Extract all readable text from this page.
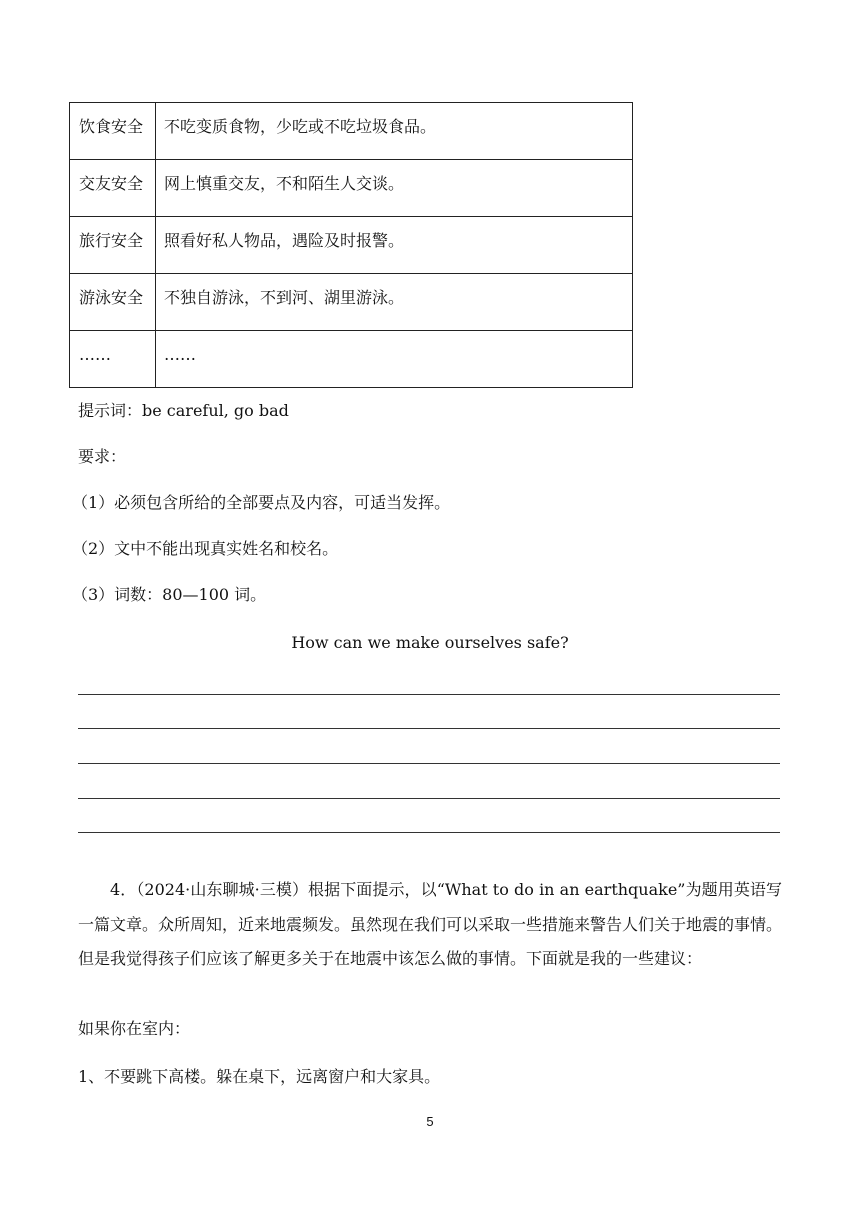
饮食安全	不吃变质食物，少吃或不吃垃圾食品。
交友安全	网上慎重交友，不和陌生人交谈。
旅行安全	照看好私人物品，遇险及时报警。
游泳安全	不独自游泳，不到河、湖里游泳。
……	……
提示词：be careful, go bad
要求：
（1）必须包含所给的全部要点及内容，可适当发挥。
（2）文中不能出现真实姓名和校名。
（3）词数：80—100 词。
How can we make ourselves safe?
4．（2024·山东聊城·三模）根据下面提示，以“What to do in an earthquake”为题用英语写一篇文章。众所周知，近来地震频发。虽然现在我们可以采取一些措施来警告人们关于地震的事情。但是我觉得孩子们应该了解更多关于在地震中该怎么做的事情。下面就是我的一些建议：
如果你在室内：
1、不要跳下高楼。躲在桌下，远离窗户和大家具。
5
